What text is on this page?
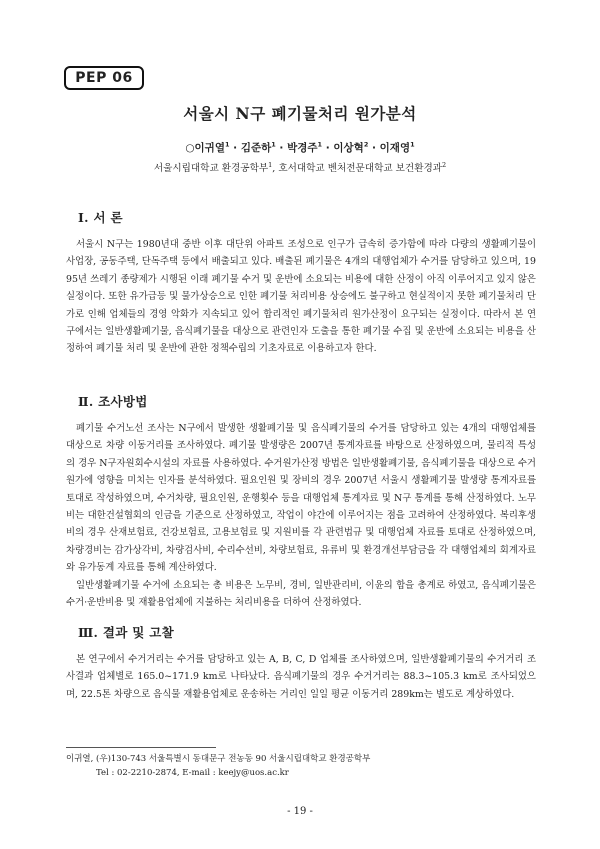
PEP 06
서울시 N구 폐기물처리 원가분석
○이귀열$^1$ · 김준하$^1$ · 박경주$^1$ · 이상혁$^2$ · 이재영$^1$
서울시립대학교 환경공학부$^1$, 호서대학교 벤처전문대학교 보건환경과$^2$
Ⅰ. 서 론

서울시 N구는 1980년대 중반 이후 대단위 아파트 조성으로 인구가 급속히 증가함에 따라 다량의 생활폐기물이 사업장, 공동주택, 단독주택 등에서 배출되고 있다. 배출된 폐기물은 4개의 대행업체가 수거를 담당하고 있으며, 1995년 쓰레기 종량제가 시행된 이래 폐기물 수거 및 운반에 소요되는 비용에 대한 산정이 아직 이루어지고 있지 않은 실정이다. 또한 유가급등 및 물가상승으로 인한 폐기물 처리비용 상승에도 불구하고 현실적이지 못한 폐기물처리 단가로 인해 업체들의 경영 악화가 지속되고 있어 합리적인 폐기물처리 원가산정이 요구되는 실정이다. 따라서 본 연구에서는 일반생활폐기물, 음식폐기물을 대상으로 관련인자 도출을 통한 폐기물 수집 및 운반에 소요되는 비용을 산정하여 폐기물 처리 및 운반에 관한 정책수립의 기초자료로 이용하고자 한다.

Ⅱ. 조사방법

폐기물 수거노선 조사는 N구에서 발생한 생활폐기물 및 음식폐기물의 수거를 담당하고 있는 4개의 대행업체를 대상으로 차량 이동거리를 조사하였다. 폐기물 발생량은 2007년 통계자료를 바탕으로 산정하였으며, 물리적 특성의 경우 N구자원회수시설의 자료를 사용하였다. 수거원가산정 방법은 일반생활폐기물, 음식폐기물을 대상으로 수거원가에 영향을 미치는 인자를 분석하였다. 필요인원 및 장비의 경우 2007년 서울시 생활폐기물 발생량 통계자료를 토대로 작성하였으며, 수거차량, 필요인원, 운행횟수 등을 대행업체 통계자료 및 N구 통계를 통해 산정하였다. 노무비는 대한건설협회의 인금을 기준으로 산정하였고, 작업이 야간에 이루어지는 점을 고려하여 산정하였다. 복리후생비의 경우 산재보험료, 건강보험료, 고용보험료 및 지원비를 각 관련법규 및 대행업체 자료를 토대로 산정하였으며, 차량경비는 감가상각비, 차량검사비, 수리수선비, 차량보험료, 유류비 및 환경개선부담금을 각 대행업체의 회계자료와 유가동계 자료를 통해 계산하였다.
일반생활폐기물 수거에 소요되는 총 비용은 노무비, 경비, 일반관리비, 이윤의 합을 총계로 하였고, 음식폐기물은 수거·운반비용 및 재활용업체에 지불하는 처리비용을 더하여 산정하였다.

Ⅲ. 결과 및 고찰

본 연구에서 수거거리는 수거를 담당하고 있는 A, B, C, D 업체를 조사하였으며, 일반생활폐기물의 수거거리 조사결과 업체별로 165.0~171.9 km로 나타났다. 음식폐기물의 경우 수거거리는 88.3~105.3 km로 조사되었으며, 22.5톤 차량으로 음식물 재활용업체로 운송하는 거리인 일일 평균 이동거리 289km는 별도로 계상하였다.

이귀열, (우)130-743 서울특별시 동대문구 전농동 90 서울시립대학교 환경공학부
Tel : 02-2210-2874, E-mail : keejy@uos.ac.kr
- 19 -
